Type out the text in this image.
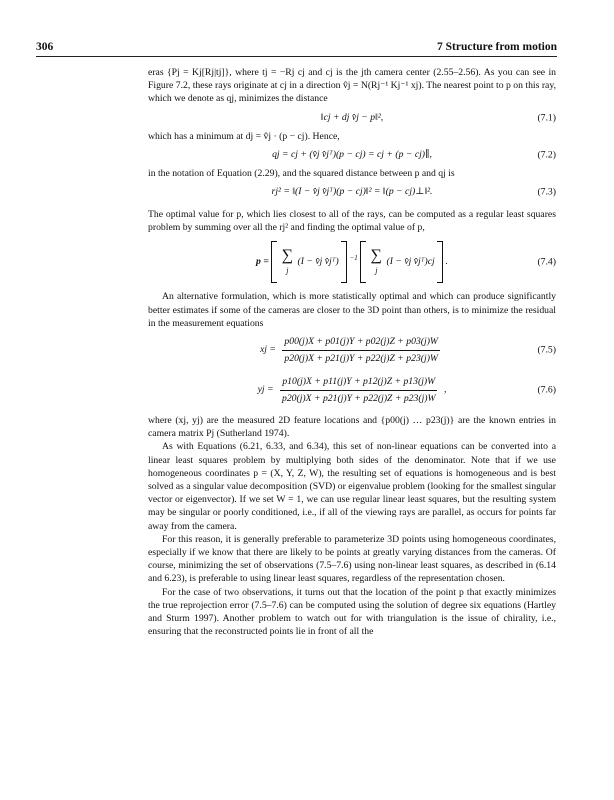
306	7 Structure from motion

eras {Pj = Kj[Rj|tj]}, where tj = −Rj cj and cj is the jth camera center (2.55–2.56). As you can see in Figure 7.2, these rays originate at cj in a direction v̂j = N(Rj⁻¹ Kj⁻¹ xj). The nearest point to p on this ray, which we denote as qj, minimizes the distance

‖cj + dj v̂j − p‖²,	(7.1)

which has a minimum at dj = v̂j · (p − cj). Hence,

qj = cj + (v̂j v̂jᵀ)(p − cj) = cj + (p − cj)∥,	(7.2)

in the notation of Equation (2.29), and the squared distance between p and qj is

rj² = ‖(I − v̂j v̂jᵀ)(p − cj)‖² = ‖(p − cj)⊥‖².	(7.3)

The optimal value for p, which lies closest to all of the rays, can be computed as a regular least squares problem by summing over all the rj² and finding the optimal value of p,

p = ∑
j
(I − v̂j v̂jᵀ) $^{-1}$ ∑
j
(I − v̂j v̂jᵀ)cj .	(7.4)

An alternative formulation, which is more statistically optimal and which can produce significantly better estimates if some of the cameras are closer to the 3D point than others, is to minimize the residual in the measurement equations

xj = $\frac{p00(j)X + p01(j)Y + p02(j)Z + p03(j)W}{p20(j)X + p21(j)Y + p22(j)Z + p23(j)W}$	(7.5)
yj = $\frac{p10(j)X + p11(j)Y + p12(j)Z + p13(j)W}{p20(j)X + p21(j)Y + p22(j)Z + p23(j)W}$ ,	(7.6)

where (xj, yj) are the measured 2D feature locations and {p00(j) … p23(j)} are the known entries in camera matrix Pj (Sutherland 1974).

As with Equations (6.21, 6.33, and 6.34), this set of non-linear equations can be converted into a linear least squares problem by multiplying both sides of the denominator. Note that if we use homogeneous coordinates p = (X, Y, Z, W), the resulting set of equations is homogeneous and is best solved as a singular value decomposition (SVD) or eigenvalue problem (looking for the smallest singular vector or eigenvector). If we set W = 1, we can use regular linear least squares, but the resulting system may be singular or poorly conditioned, i.e., if all of the viewing rays are parallel, as occurs for points far away from the camera.

For this reason, it is generally preferable to parameterize 3D points using homogeneous coordinates, especially if we know that there are likely to be points at greatly varying distances from the cameras. Of course, minimizing the set of observations (7.5–7.6) using non-linear least squares, as described in (6.14 and 6.23), is preferable to using linear least squares, regardless of the representation chosen.

For the case of two observations, it turns out that the location of the point p that exactly minimizes the true reprojection error (7.5–7.6) can be computed using the solution of degree six equations (Hartley and Sturm 1997). Another problem to watch out for with triangulation is the issue of chirality, i.e., ensuring that the reconstructed points lie in front of all the
